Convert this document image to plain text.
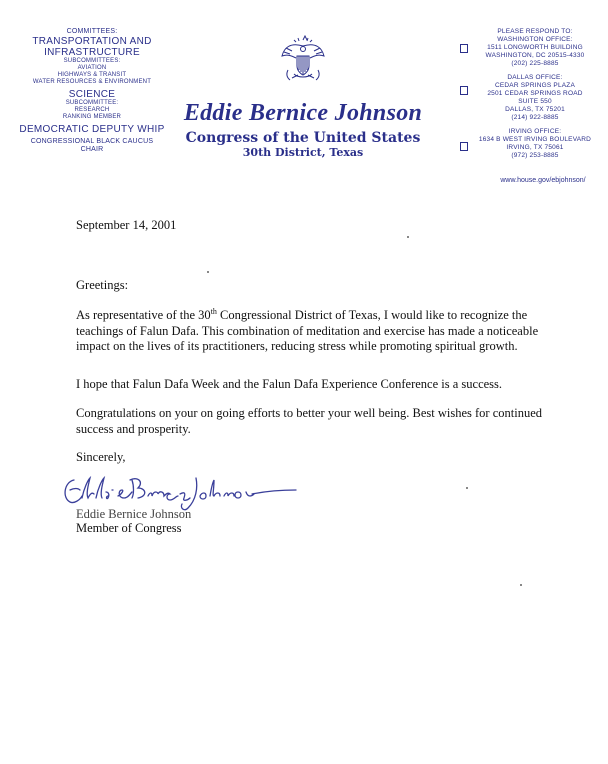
COMMITTEES:
TRANSPORTATION AND
INFRASTRUCTURE
SUBCOMMITTEES:
AVIATION
HIGHWAYS & TRANSIT
WATER RESOURCES & ENVIRONMENT
SCIENCE
SUBCOMMITTEE:
RESEARCH
RANKING MEMBER
DEMOCRATIC DEPUTY WHIP
CONGRESSIONAL BLACK CAUCUS
CHAIR
Eddie Bernice Johnson
Congress of the United States
30th District, Texas
PLEASE RESPOND TO:
WASHINGTON OFFICE:
1511 LONGWORTH BUILDING
WASHINGTON, DC 20515-4330
(202) 225-8885
DALLAS OFFICE:
CEDAR SPRINGS PLAZA
2501 CEDAR SPRINGS ROAD
SUITE 550
DALLAS, TX 75201
(214) 922-8885
IRVING OFFICE:
1634 B WEST IRVING BOULEVARD
IRVING, TX 75061
(972) 253-8885
www.house.gov/ebjohnson/
September 14, 2001
Greetings:
As representative of the 30th Congressional District of Texas, I would like to recognize the teachings of Falun Dafa. This combination of meditation and exercise has made a noticeable impact on the lives of its practitioners, reducing stress while promoting spiritual growth.
I hope that Falun Dafa Week and the Falun Dafa Experience Conference is a success.
Congratulations on your on going efforts to better your well being. Best wishes for continued success and prosperity.
Sincerely,
Eddie Bernice Johnson
Member of Congress
